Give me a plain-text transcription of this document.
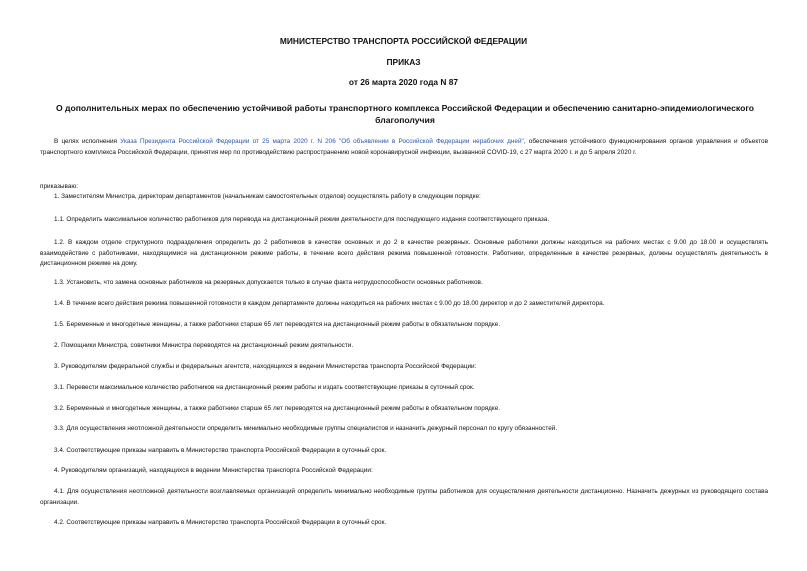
МИНИСТЕРСТВО ТРАНСПОРТА РОССИЙСКОЙ ФЕДЕРАЦИИ
ПРИКАЗ
от 26 марта 2020 года N 87
О дополнительных мерах по обеспечению устойчивой работы транспортного комплекса Российской Федерации и обеспечению санитарно-эпидемиологического благополучия

В целях исполнения Указа Президента Российской Федерации от 25 марта 2020 г. N 206 "Об объявлении в Российской Федерации нерабочих дней", обеспечения устойчивого функционирования органов управления и объектов транспортного комплекса Российской Федерации, принятия мер по противодействию распространению новой коронавирусной инфекции, вызванной COVID-19, с 27 марта 2020 г. и до 5 апреля 2020 г.

приказываю:

1. Заместителям Министра, директорам департаментов (начальникам самостоятельных отделов) осуществлять работу в следующем порядке:

1.1. Определить максимальное количество работников для перевода на дистанционный режим деятельности для последующего издания соответствующего приказа.

1.2. В каждом отделе структурного подразделения определить до 2 работников в качестве основных и до 2 в качестве резервных. Основные работники должны находиться на рабочих местах с 9.00 до 18.00 и осуществлять взаимодействие с работниками, находящимися на дистанционном режиме работы, в течение всего действия режима повышенной готовности. Работники, определенные в качестве резервных, должны осуществлять деятельность в дистанционном режиме на дому.

1.3. Установить, что замена основных работников на резервных допускается только в случае факта нетрудоспособности основных работников.

1.4. В течение всего действия режима повышенной готовности в каждом департаменте должны находиться на рабочих местах с 9.00 до 18.00 директор и до 2 заместителей директора.

1.5. Беременные и многодетные женщины, а также работники старше 65 лет переводятся на дистанционный режим работы в обязательном порядке.

2. Помощники Министра, советники Министра переводятся на дистанционный режим деятельности.

3. Руководителям федеральной службы и федеральных агентств, находящихся в ведении Министерства транспорта Российской Федерации:

3.1. Перевести максимальное количество работников на дистанционный режим работы и издать соответствующие приказы в суточный срок.

3.2. Беременные и многодетные женщины, а также работники старше 65 лет переводятся на дистанционный режим работы в обязательном порядке.

3.3. Для осуществления неотложной деятельности определить минимально необходимые группы специалистов и назначить дежурный персонал по кругу обязанностей.

3.4. Соответствующие приказы направить в Министерство транспорта Российской Федерации в суточный срок.

4. Руководителям организаций, находящихся в ведении Министерства транспорта Российской Федерации:

4.1. Для осуществления неотложной деятельности возглавляемых организаций определить минимально необходимые группы работников для осуществления деятельности дистанционно. Назначить дежурных из руководящего состава организации.

4.2. Соответствующие приказы направить в Министерство транспорта Российской Федерации в суточный срок.
